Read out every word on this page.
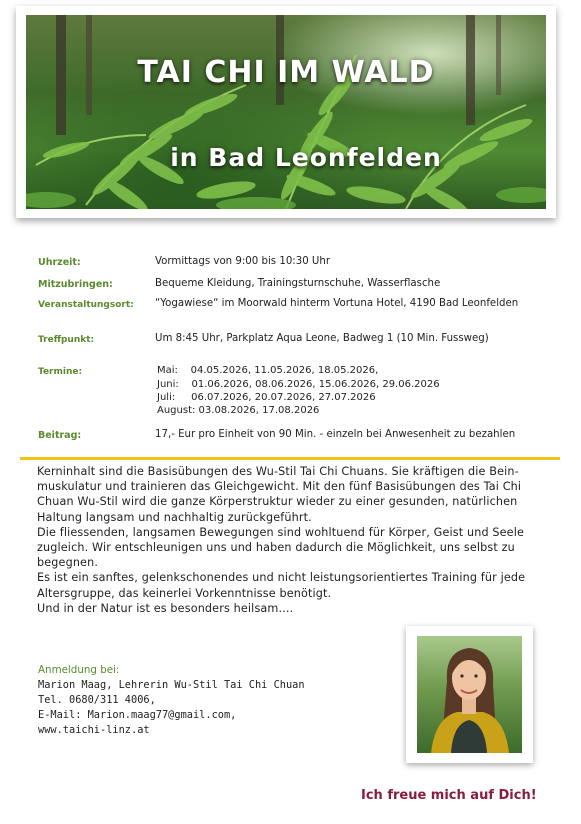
TAI CHI IM WALD
in Bad Leonfelden
Uhrzeit:	Vormittags von 9:00 bis 10:30 Uhr
Mitzubringen:	Bequeme Kleidung, Trainingsturnschuhe, Wasserflasche
Veranstaltungsort: “Yogawiese“ im Moorwald hinterm Vortuna Hotel, 4190 Bad Leonfelden
Treffpunkt:	Um 8:45 Uhr, Parkplatz Aqua Leone, Badweg 1 (10 Min. Fussweg)
Termine:	Mai:    04.05.2026, 11.05.2026, 18.05.2026,
Juni:    01.06.2026, 08.06.2026, 15.06.2026, 29.06.2026
Juli:     06.07.2026, 20.07.2026, 27.07.2026
August: 03.08.2026, 17.08.2026
Beitrag:	17,- Eur pro Einheit von 90 Min. - einzeln bei Anwesenheit zu bezahlen

Kerninhalt sind die Basisübungen des Wu-Stil Tai Chi Chuans. Sie kräftigen die Bein-muskulatur und trainieren das Gleichgewicht. Mit den fünf Basisübungen des Tai Chi Chuan Wu-Stil wird die ganze Körperstruktur wieder zu einer gesunden, natürlichen Haltung langsam und nachhaltig zurückgeführt.

Die fliessenden, langsamen Bewegungen sind wohltuend für Körper, Geist und Seele zugleich. Wir entschleunigen uns und haben dadurch die Möglichkeit, uns selbst zu begegnen.

Es ist ein sanftes, gelenkschonendes und nicht leistungsorientiertes Training für jede Altersgruppe, das keinerlei Vorkenntnisse benötigt.

Und in der Natur ist es besonders heilsam....

Anmeldung bei:
Marion Maag, Lehrerin Wu-Stil Tai Chi Chuan
Tel. 0680/311 4006,
E-Mail: Marion.maag77@gmail.com,
www.taichi-linz.at
Ich freue mich auf Dich!
